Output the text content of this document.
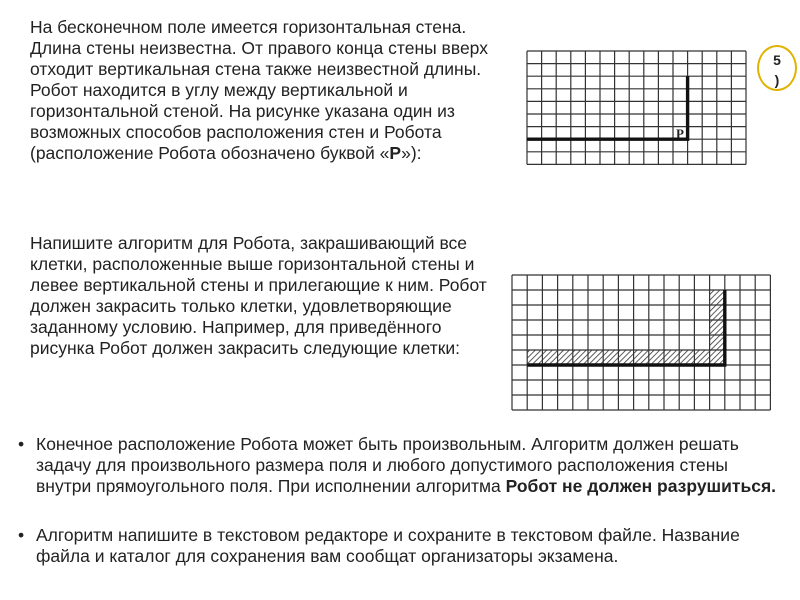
На бесконечном поле имеется горизонтальная стена. Длина стены неизвестна. От правого конца стены вверх отходит вертикальная стена также неизвестной длины. Робот находится в углу между вертикальной и горизонтальной стеной. На рисунке указана один из возможных способов расположения стен и Робота (расположение Робота обозначено буквой «Р»):

Напишите алгоритм для Робота, закрашивающий все клетки, расположенные выше горизонтальной стены и левее вертикальной стены и прилегающие к ним. Робот должен закрасить только клетки, удовлетворяющие заданному условию. Например, для приведённого рисунка Робот должен закрасить следующие клетки:

• Конечное расположение Робота может быть произвольным. Алгоритм должен решать задачу для произвольного размера поля и любого допустимого расположения стены внутри прямоугольного поля. При исполнении алгоритма Робот не должен разрушиться.
• Алгоритм напишите в текстовом редакторе и сохраните в текстовом файле. Название файла и каталог для сохранения вам сообщат организаторы экзамена.
5
)
Р
